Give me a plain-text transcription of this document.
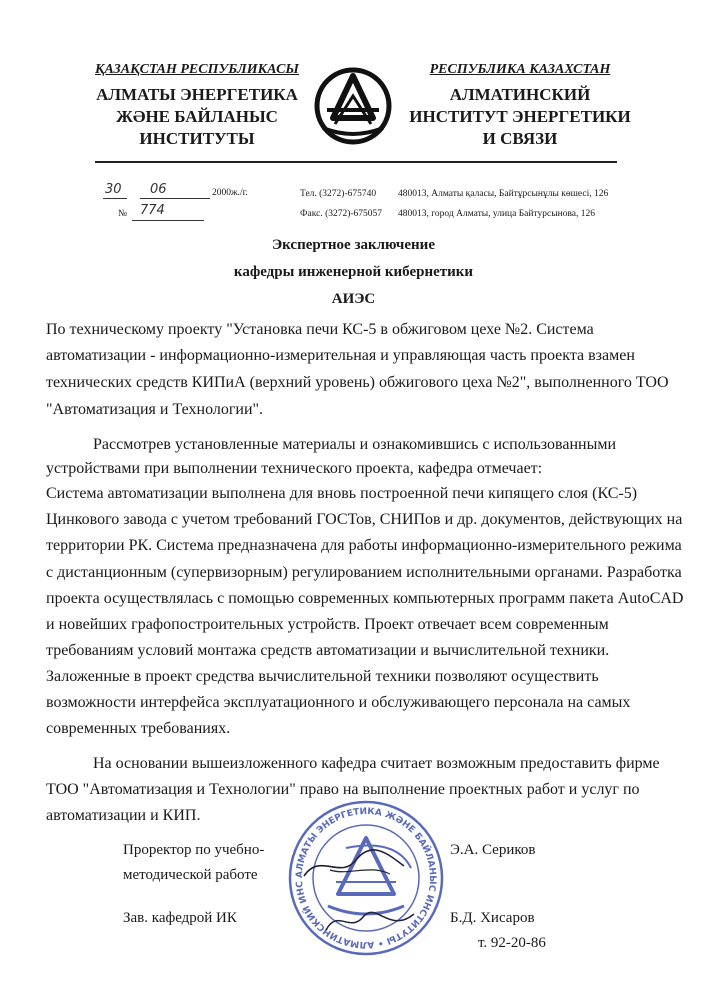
ҚАЗАҚСТАН РЕСПУБЛИКАСЫ
АЛМАТЫ ЭНЕРГЕТИКА
ЖӘНЕ БАЙЛАНЫС
ИНСТИТУТЫ
РЕСПУБЛИКА КАЗАХСТАН
АЛМАТИНСКИЙ
ИНСТИТУТ ЭНЕРГЕТИКИ
И СВЯЗИ
30 06	2000ж./г.
№ 774
Тел. (3272)-675740
Факс. (3272)-675057
480013, Алматы қаласы, Байтұрсынұлы көшесі, 126
480013, город Алматы, улица Байтурсынова, 126
Экспертное заключение
кафедры инженерной кибернетики
АИЭС
По техническому проекту "Установка печи КС-5 в обжиговом цехе №2. Система
автоматизации - информационно-измерительная и управляющая часть проекта взамен
технических средств КИПиА (верхний уровень) обжигового цеха №2", выполненного ТОО
"Автоматизация и Технологии".
Рассмотрев установленные материалы и ознакомившись с использованными
устройствами при выполнении технического проекта, кафедра отмечает:
Система автоматизации выполнена для вновь построенной печи кипящего слоя (КС-5)
Цинкового завода с учетом требований ГОСТов, СНИПов и др. документов, действующих на
территории РК. Система предназначена для работы информационно-измерительного режима
с дистанционным (супервизорным) регулированием исполнительными органами. Разработка
проекта осуществлялась с помощью современных компьютерных программ пакета AutoCAD
и новейших графопостроительных устройств. Проект отвечает всем современным
требованиям условий монтажа средств автоматизации и вычислительной техники.
Заложенные в проект средства вычислительной техники позволяют осуществить
возможности интерфейса эксплуатационного и обслуживающего персонала на самых
современных требованиях.
На основании вышеизложенного кафедра считает возможным предоставить фирме
ТОО "Автоматизация и Технологии" право на выполнение проектных работ и услуг по
автоматизации и КИП.
АЛМАТЫ ЭНЕРГЕТИКА ЖӘНЕ БАЙЛАНЫС ИНСТИТУТЫ • АЛМАТИНСКИЙ ИНС
Проректор по учебно-
методической работе
Э.А. Сериков
Зав. кафедрой ИК	Б.Д. Хисаров
т. 92-20-86
